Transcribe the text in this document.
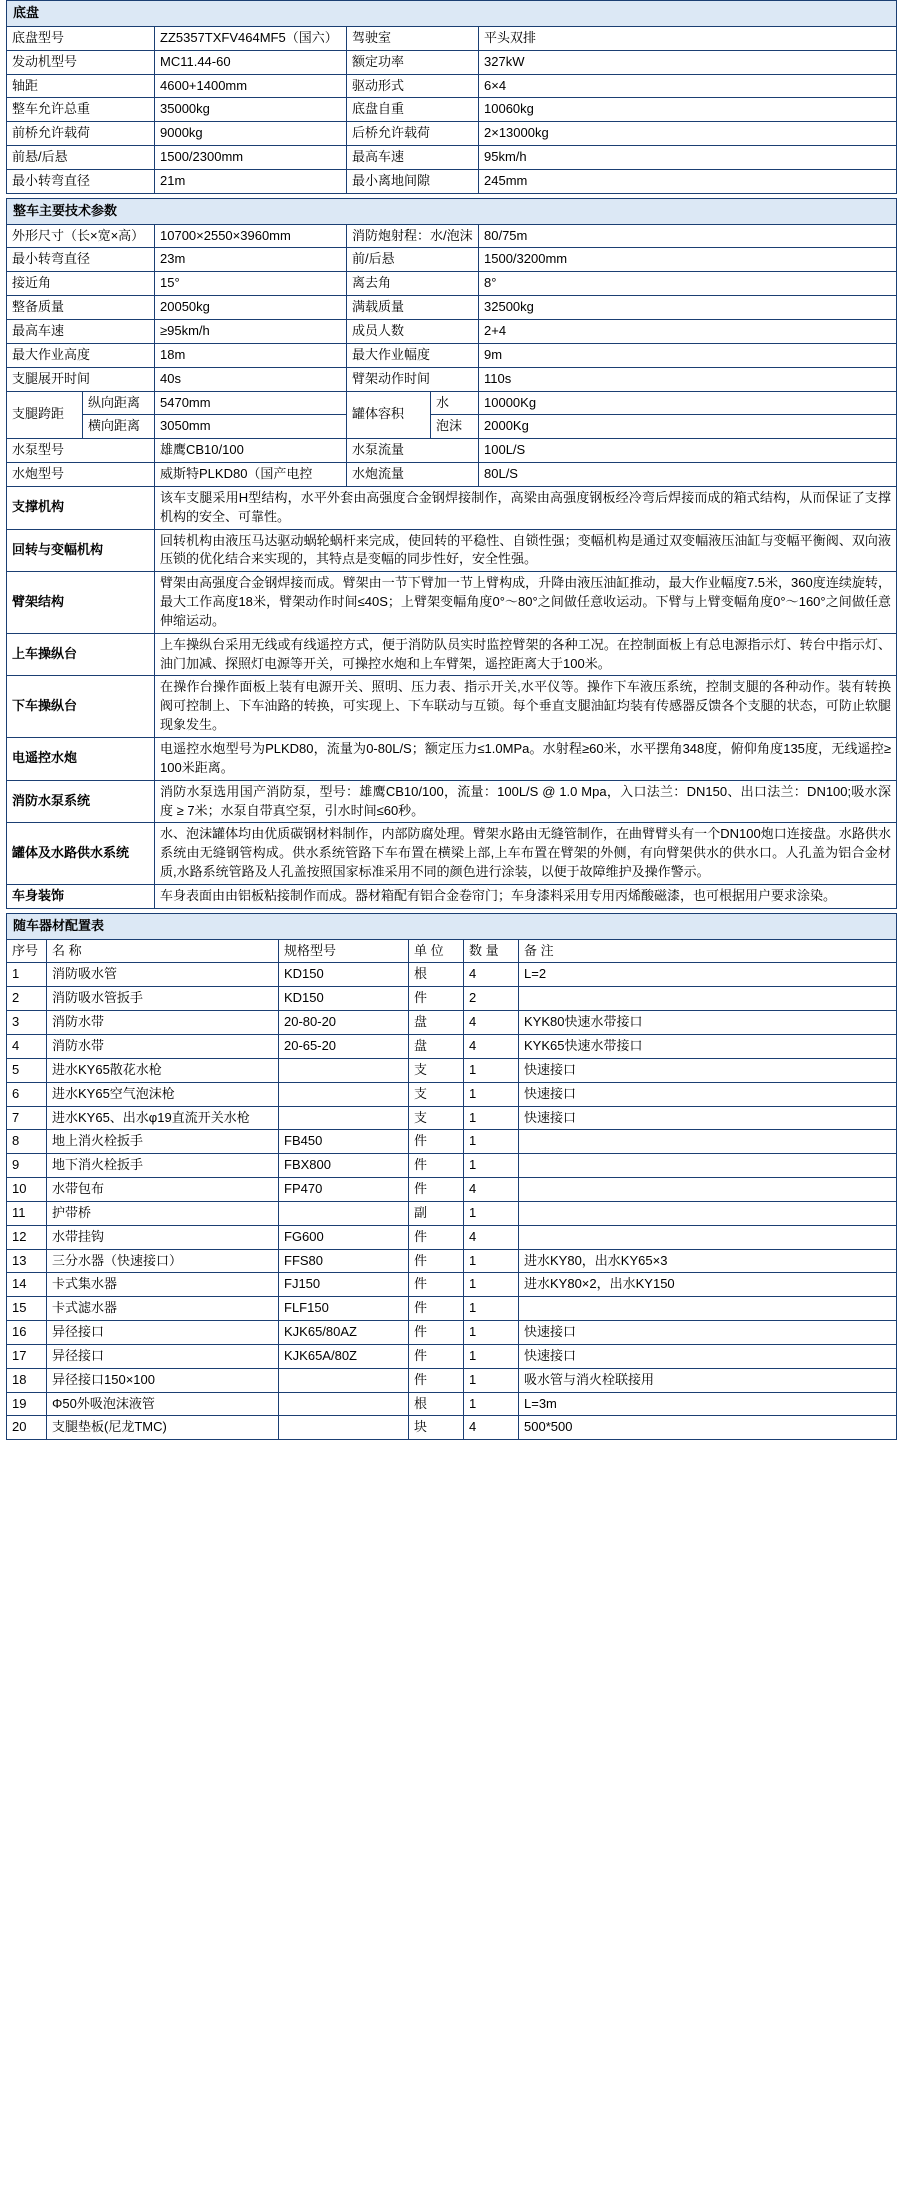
底盘			
底盘型号	ZZ5357TXFV464MF5（国六）	驾驶室	平头双排
发动机型号	MC11.44-60	额定功率	327kW
轴距	4600+1400mm	驱动形式	6×4
整车允许总重	35000kg	底盘自重	10060kg
前桥允许载荷	9000kg	后桥允许载荷	2×13000kg
前悬/后悬	1500/2300mm	最高车速	95km/h
最小转弯直径	21m	最小离地间隙	245mm

整车主要技术参数					
外形尺寸（长×宽×高）		10700×2550×3960mm	消防炮射程：水/泡沫		80/75m
最小转弯直径		23m	前/后悬		1500/3200mm
接近角		15°	离去角		8°
整备质量		20050kg	满载质量		32500kg
最高车速		≥95km/h	成员人数		2+4
最大作业高度		18m	最大作业幅度		9m
支腿展开时间		40s	臂架动作时间		110s
支腿跨距	纵向距离	5470mm	罐体容积	水	10000Kg
	横向距离	3050mm		泡沫	2000Kg
水泵型号		雄鹰CB10/100	水泵流量		100L/S
水炮型号		威斯特PLKD80（国产电控	水炮流量		80L/S
支撑机构		该车支腿采用H型结构，水平外套由高强度合金钢焊接制作，高梁由高强度钢板经冷弯后焊接而成的箱式结构，从而保证了支撑机构的安全、可靠性。			
回转与变幅机构		回转机构由液压马达驱动蜗轮蜗杆来完成，使回转的平稳性、自锁性强；变幅机构是通过双变幅液压油缸与变幅平衡阀、双向液压锁的优化结合来实现的，其特点是变幅的同步性好，安全性强。			
臂架结构		臂架由高强度合金钢焊接而成。臂架由一节下臂加一节上臂构成，升降由液压油缸推动，最大作业幅度7.5米，360度连续旋转，最大工作高度18米，臂架动作时间≤40S；上臂架变幅角度0°～80°之间做任意收运动。下臂与上臂变幅角度0°～160°之间做任意伸缩运动。			
上车操纵台		上车操纵台采用无线或有线遥控方式，便于消防队员实时监控臂架的各种工况。在控制面板上有总电源指示灯、转台中指示灯、油门加减、探照灯电源等开关，可操控水炮和上车臂架，遥控距离大于100米。			
下车操纵台		在操作台操作面板上装有电源开关、照明、压力表、指示开关,水平仪等。操作下车液压系统，控制支腿的各种动作。装有转换阀可控制上、下车油路的转换，可实现上、下车联动与互锁。每个垂直支腿油缸均装有传感器反馈各个支腿的状态，可防止软腿现象发生。			
电遥控水炮		电遥控水炮型号为PLKD80，流量为0-80L/S；额定压力≤1.0MPa。水射程≥60米，水平摆角348度，俯仰角度135度，无线遥控≥100米距离。			
消防水泵系统		消防水泵选用国产消防泵，型号：雄鹰CB10/100，流量：100L/S @ 1.0 Mpa，入口法兰：DN150、出口法兰：DN100;吸水深度 ≥ 7米；水泵自带真空泵，引水时间≤60秒。			
罐体及水路供水系统		水、泡沫罐体均由优质碳钢材料制作，内部防腐处理。臂架水路由无缝管制作，在曲臂臂头有一个DN100炮口连接盘。水路供水系统由无缝钢管构成。供水系统管路下车布置在横梁上部,上车布置在臂架的外侧，有向臂架供水的供水口。人孔盖为铝合金材质,水路系统管路及人孔盖按照国家标准采用不同的颜色进行涂装，以便于故障维护及操作警示。			
车身装饰		车身表面由由铝板粘接制作而成。器材箱配有铝合金卷帘门；车身漆料采用专用丙烯酸磁漆，也可根据用户要求涂染。			

随车器材配置表					
序号	名 称	规格型号	单 位	数 量	备 注
1	消防吸水管	KD150	根	4	L=2
2	消防吸水管扳手	KD150	件	2	
3	消防水带	20-80-20	盘	4	KYK80快速水带接口
4	消防水带	20-65-20	盘	4	KYK65快速水带接口
5	进水KY65散花水枪		支	1	快速接口
6	进水KY65空气泡沫枪		支	1	快速接口
7	进水KY65、出水φ19直流开关水枪		支	1	快速接口
8	地上消火栓扳手	FB450	件	1	
9	地下消火栓扳手	FBX800	件	1	
10	水带包布	FP470	件	4	
11	护带桥		副	1	
12	水带挂钩	FG600	件	4	
13	三分水器（快速接口）	FFS80	件	1	进水KY80，出水KY65×3
14	卡式集水器	FJ150	件	1	进水KY80×2，出水KY150
15	卡式滤水器	FLF150	件	1	
16	异径接口	KJK65/80AZ	件	1	快速接口
17	异径接口	KJK65A/80Z	件	1	快速接口
18	异径接口150×100		件	1	吸水管与消火栓联接用
19	Φ50外吸泡沫液管		根	1	L=3m
20	支腿垫板(尼龙TMC)		块	4	500*500
